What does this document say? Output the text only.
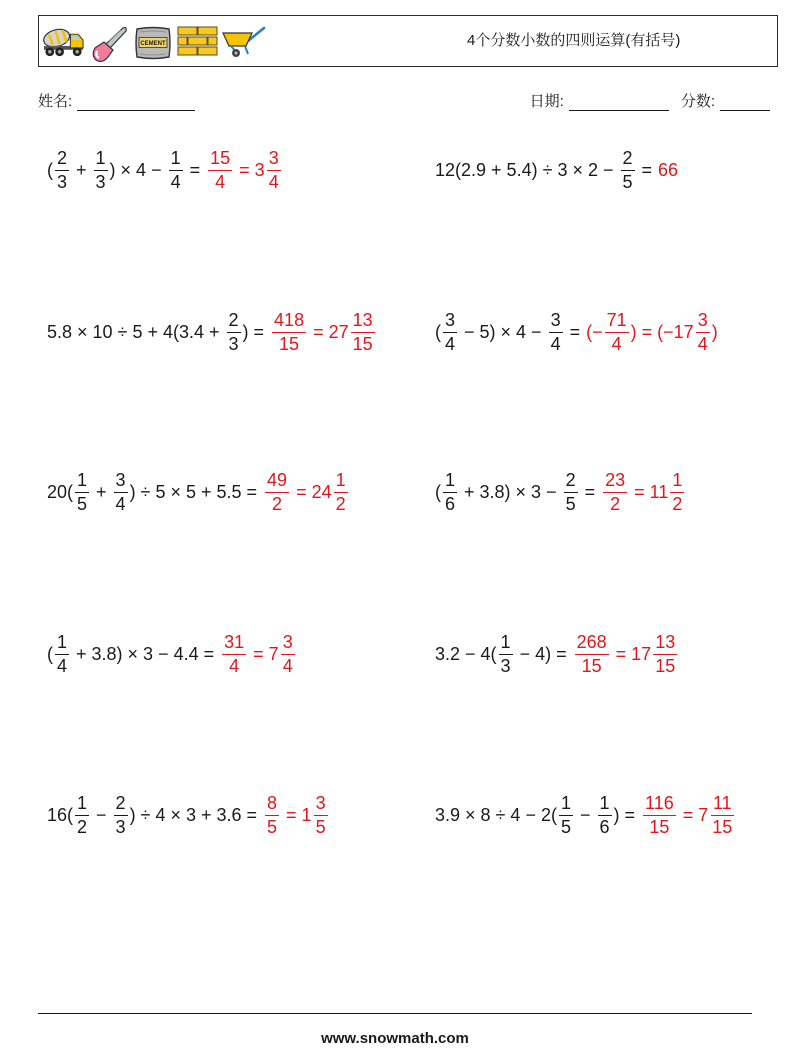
CEMENT	4个分数小数的四则运算(有括号)
姓名:	日期:	分数:
( $\frac{2}{3} + \frac{1}{3}$ ) × $4 - \frac{1}{4} = \frac{15}{4} = 3 \frac{3}{4}$	$12(2.9 + 5.4) \div 3 \times 2 - \frac{2}{5} = 66$
$5.8 \times 10 \div 5 + 4(3.4 + \frac{2}{3}$ ) = $\frac{418}{15} = 27 \frac{13}{15}$	( $\frac{3}{4} - 5) \times 4 - \frac{3}{4}$ = (− $\frac{71}{4}$ ) = ($-17 \frac{3}{4}$ )
$20( \frac{1}{5} + \frac{3}{4}$ ) ÷ $5 \times 5 + 5.5 = \frac{49}{2} = 24 \frac{1}{2}$	( $\frac{1}{6} + 3.8) \times 3 - \frac{2}{5} = \frac{23}{2} = 11 \frac{1}{2}$
( $\frac{1}{4} + 3.8) \times 3 - 4.4 = \frac{31}{4} = 7 \frac{3}{4}$	$3.2 - 4( \frac{1}{3} - 4) = \frac{268}{15} = 17 \frac{13}{15}$
$16( \frac{1}{2} - \frac{2}{3}$ ) ÷ $4 \times 3 + 3.6 = \frac{8}{5} = 1 \frac{3}{5}$	$3.9 \times 8 \div 4 - 2( \frac{1}{5} - \frac{1}{6}$ ) = $\frac{116}{15} = 7 \frac{11}{15}$
www.snowmath.com
